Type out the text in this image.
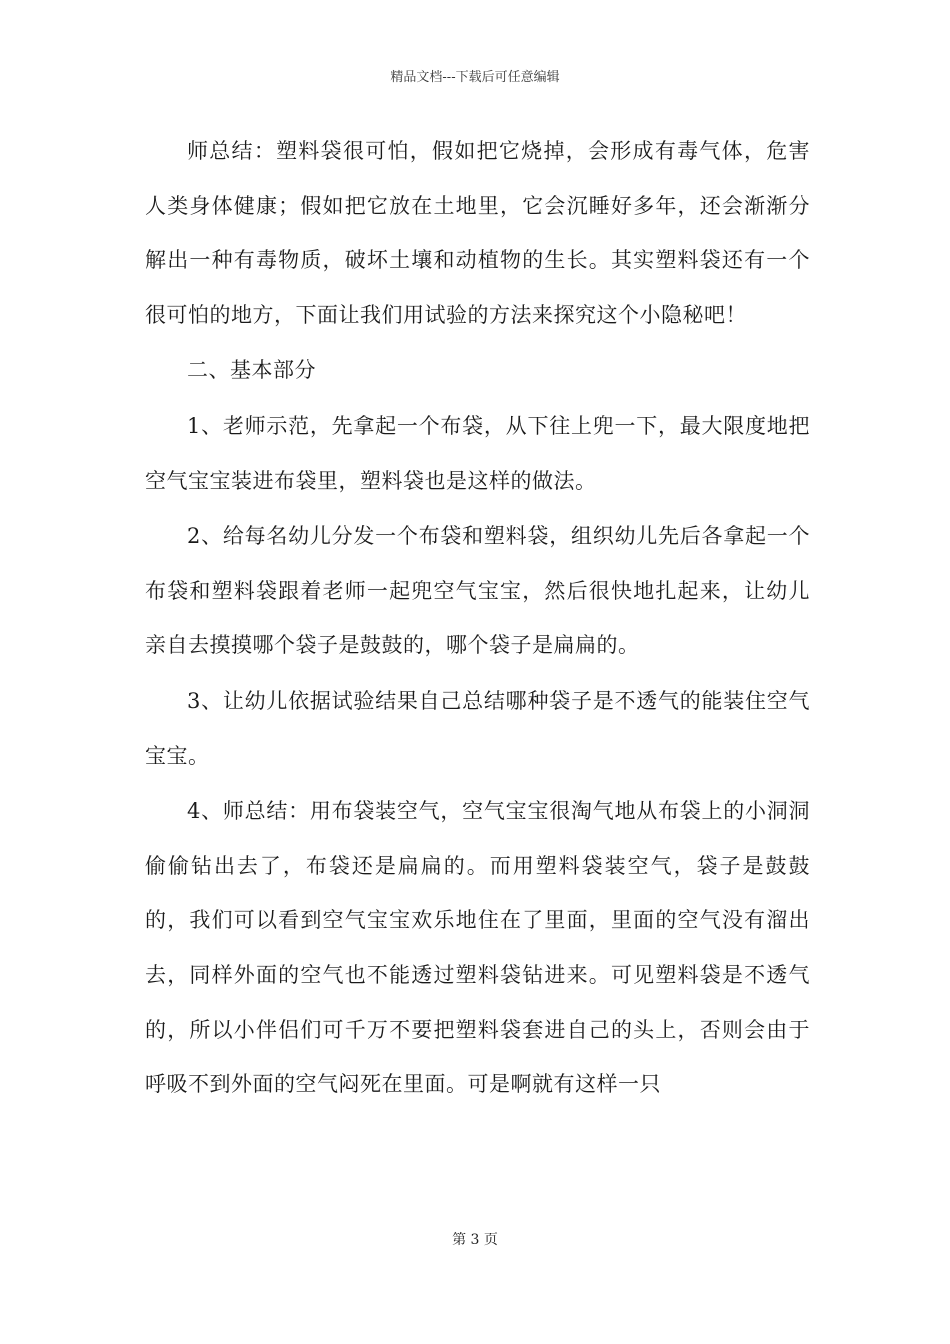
精品文档---下载后可任意编辑

师总结：塑料袋很可怕，假如把它烧掉，会形成有毒气体，危害人类身体健康；假如把它放在土地里，它会沉睡好多年，还会渐渐分解出一种有毒物质，破坏土壤和动植物的生长。其实塑料袋还有一个很可怕的地方，下面让我们用试验的方法来探究这个小隐秘吧！

二、基本部分

1、老师示范，先拿起一个布袋，从下往上兜一下，最大限度地把空气宝宝装进布袋里，塑料袋也是这样的做法。

2、给每名幼儿分发一个布袋和塑料袋，组织幼儿先后各拿起一个布袋和塑料袋跟着老师一起兜空气宝宝，然后很快地扎起来，让幼儿亲自去摸摸哪个袋子是鼓鼓的，哪个袋子是扁扁的。

3、让幼儿依据试验结果自己总结哪种袋子是不透气的能装住空气宝宝。

4、师总结：用布袋装空气，空气宝宝很淘气地从布袋上的小洞洞偷偷钻出去了，布袋还是扁扁的。而用塑料袋装空气，袋子是鼓鼓的，我们可以看到空气宝宝欢乐地住在了里面，里面的空气没有溜出去，同样外面的空气也不能透过塑料袋钻进来。可见塑料袋是不透气的，所以小伴侣们可千万不要把塑料袋套进自己的头上，否则会由于呼吸不到外面的空气闷死在里面。可是啊就有这样一只

第 3 页
